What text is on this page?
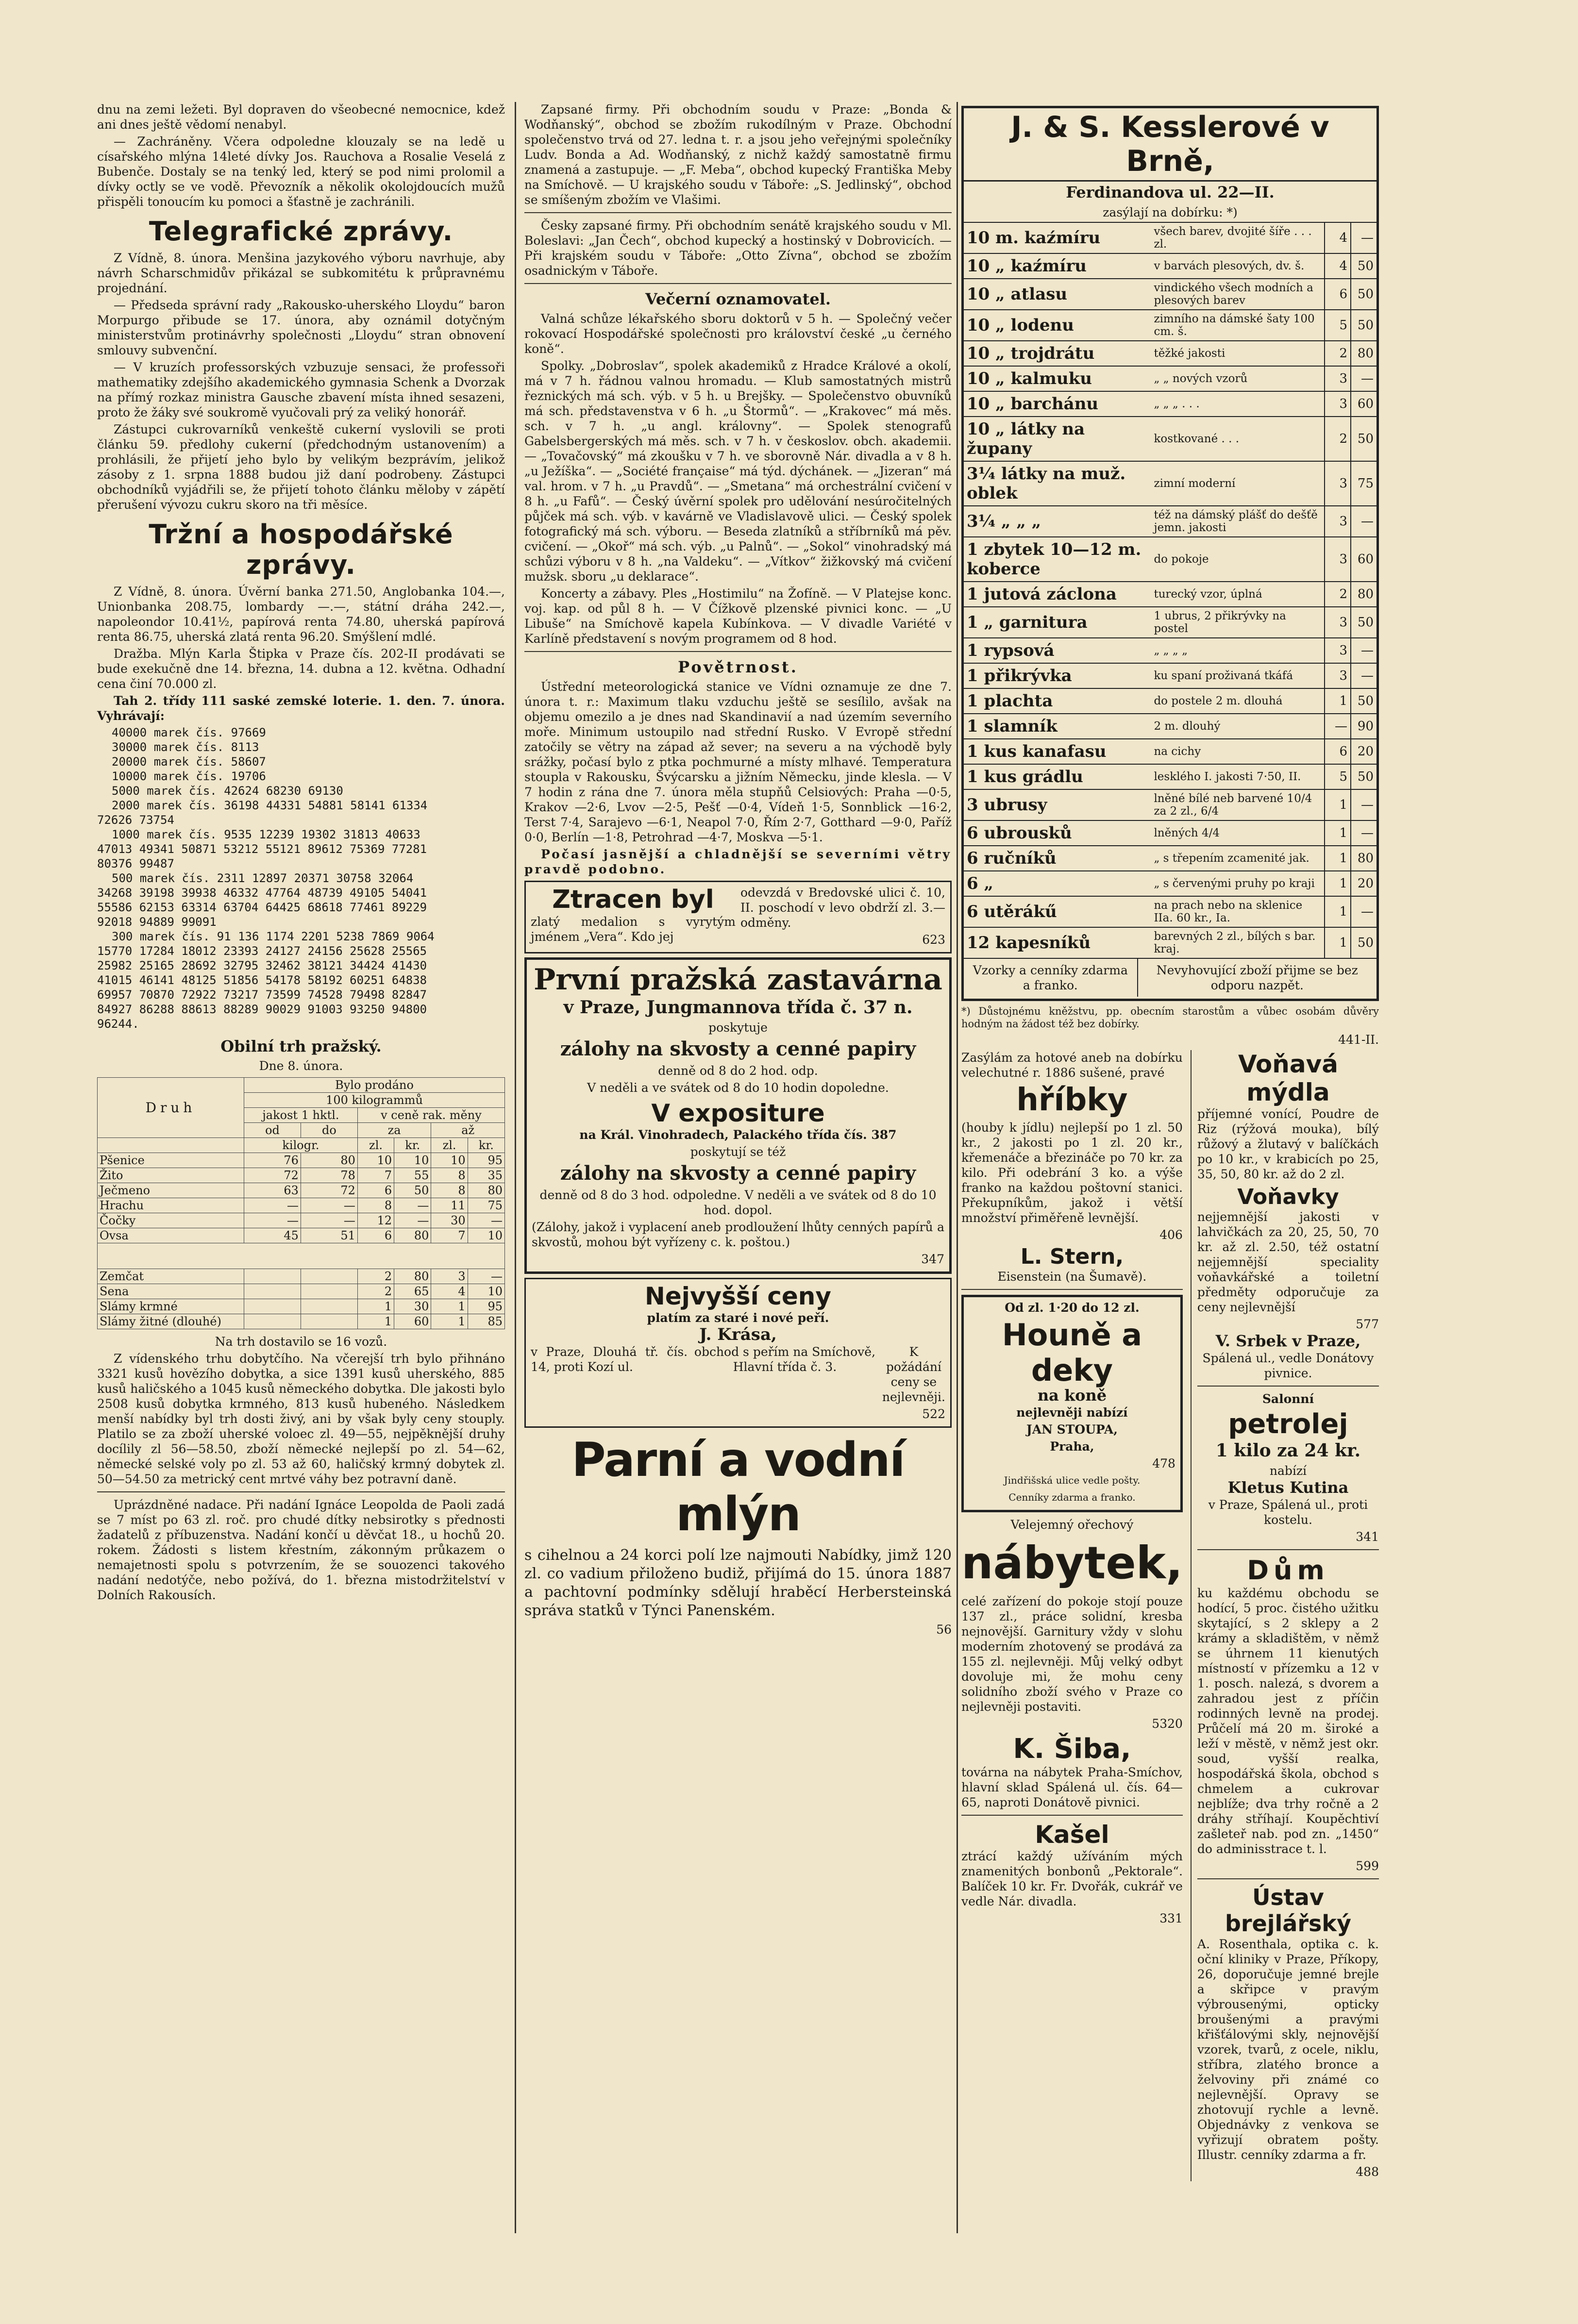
dnu na zemi ležeti. Byl dopraven do všeobecné nemocnice, kdež ani dnes ještě vědomí nenabyl.

— Zachráněny. Včera odpoledne klouzaly se na ledě u císařského mlýna 14leté dívky Jos. Rauchova a Rosalie Veselá z Bubenče. Dostaly se na tenký led, který se pod nimi prolomil a dívky octly se ve vodě. Převozník a několik okolojdoucích mužů přispěli tonoucím ku pomoci a šťastně je zachránili.

Telegrafické zprávy.

Z Vídně, 8. února. Menšina jazykového výboru navrhuje, aby návrh Scharschmidův přikázal se subkomitétu k průpravnému projednání.

— Předseda správní rady „Rakousko-uherského Lloydu“ baron Morpurgo přibude se 17. února, aby oznámil dotyčným ministerstvům protinávrhy společnosti „Lloydu“ stran obnovení smlouvy subvenční.

— V kruzích professorských vzbuzuje sensaci, že professoři mathematiky zdejšího akademického gymnasia Schenk a Dvorzak na přímý rozkaz ministra Gausche zbavení místa ihned sesazeni, proto že žáky své soukromě vyučovali prý za veliký honorář.

Zástupci cukrovarníků venkeště cukerní vyslovili se proti článku 59. předlohy cukerní (předchodným ustanovením) a prohlásili, že přijetí jeho bylo by velikým bezprávím, jelikož zásoby z 1. srpna 1888 budou již daní podrobeny. Zástupci obchodníků vyjádřili se, že přijetí tohoto článku měloby v zápětí přerušení vývozu cukru skoro na tři měsíce.

Tržní a hospodářské zprávy.

Z Vídně, 8. února. Úvěrní banka 271.50, Anglobanka 104.—, Unionbanka 208.75, lombardy —.—, státní dráha 242.—, napoleondor 10.41½, papírová renta 74.80, uherská papírová renta 86.75, uherská zlatá renta 96.20. Smýšlení mdlé.

Dražba. Mlýn Karla Štipka v Praze čís. 202-II prodávati se bude exekučně dne 14. března, 14. dubna a 12. května. Odhadní cena činí 70.000 zl.

Tah 2. třídy 111 saské zemské loterie. 1. den. 7. února. Vyhrávají:

40000 marek čís. 97669

30000 marek čís. 8113

20000 marek čís. 58607

10000 marek čís. 19706

5000 marek čís. 42624 68230 69130

2000 marek čís. 36198 44331 54881 58141 61334

72626 73754

1000 marek čís. 9535 12239 19302 31813 40633

47013 49341 50871 53212 55121 89612 75369 77281

80376 99487

500 marek čís. 2311 12897 20371 30758 32064

34268 39198 39938 46332 47764 48739 49105 54041

55586 62153 63314 63704 64425 68618 77461 89229

92018 94889 99091

300 marek čís. 91 136 1174 2201 5238 7869 9064

15770 17284 18012 23393 24127 24156 25628 25565

25982 25165 28692 32795 32462 38121 34424 41430

41015 46141 48125 51856 54178 58192 60251 64838

69957 70870 72922 73217 73599 74528 79498 82847

84927 86288 88613 88289 90029 91003 93250 94800

96244.

Obilní trh pražský.

Dne 8. února.

Druh	Bylo prodáno					
	100 kilogrammů					
	jakost 1 hktl.		v ceně rak. měny			
	od	do	za		až	
	kilogr.		zl.	kr.	zl.	kr.
Pšenice	76	80	10	10	10	95
Žito	72	78	7	55	8	35
Ječmeno	63	72	6	50	8	80
Hrachu	—	—	8	—	11	75
Čočky	—	—	12	—	30	—
Ovsa	45	51	6	80	7	10

Zemčat			2	80	3	—
Sena			2	65	4	10
Slámy krmné			1	30	1	95
Slámy žitné (dlouhé)			1	60	1	85

Na trh dostavilo se 16 vozů.

Z vídenského trhu dobytčího. Na včerejší trh bylo přihnáno 3321 kusů hovězího dobytka, a sice 1391 kusů uherského, 885 kusů haličského a 1045 kusů německého dobytka. Dle jakosti bylo 2508 kusů dobytka krmného, 813 kusů hubeného. Následkem menší nabídky byl trh dosti živý, ani by však byly ceny stouply. Platilo se za zboží uherské voloec zl. 49—55, nejpěknější druhy docílily zl 56—58.50, zboží německé nejlepší po zl. 54—62, německé selské voly po zl. 53 až 60, haličský krmný dobytek zl. 50—54.50 za metrický cent mrtvé váhy bez potravní daně.

Uprázdněné nadace. Při nadání Ignáce Leopolda de Paoli zadá se 7 míst po 63 zl. roč. pro chudé dítky nebsirotky s přednosti žadatelů z příbuzenstva. Nadání končí u děvčat 18., u hochů 20. rokem. Žádosti s listem křestním, zákonným průkazem o nemajetnosti spolu s potvrzením, že se souozenci takového nadání nedotýče, nebo požívá, do 1. března mistodržitelství v Dolních Rakousích.

Zapsané firmy. Při obchodním soudu v Praze: „Bonda & Wodňanský“, obchod se zbožím rukodílným v Praze. Obchodní společenstvo trvá od 27. ledna t. r. a jsou jeho veřejnými společníky Ludv. Bonda a Ad. Wodňanský, z nichž každý samostatně firmu znamená a zastupuje. — „F. Meba“, obchod kupecký Františka Meby na Smíchově. — U krajského soudu v Táboře: „S. Jedlinský“, obchod se smíšeným zbožím ve Vlašimi.

Česky zapsané firmy. Při obchodním senátě krajského soudu v Ml. Boleslavi: „Jan Čech“, obchod kupecký a hostinský v Dobrovicích. — Při krajském soudu v Táboře: „Otto Zívna“, obchod se zbožím osadnickým v Táboře.

Večerní oznamovatel.

Valná schůze lékařského sboru doktorů v 5 h. — Společný večer rokovací Hospodářské společnosti pro království české „u černého koně“.

Spolky. „Dobroslav“, spolek akademiků z Hradce Králové a okolí, má v 7 h. řádnou valnou hromadu. — Klub samostatných mistrů řeznických má sch. výb. v 5 h. u Brejšky. — Společenstvo obuvníků má sch. představenstva v 6 h. „u Štormů“. — „Krakovec“ má měs. sch. v 7 h. „u angl. královny“. — Spolek stenografů Gabelsbergerských má měs. sch. v 7 h. v českoslov. obch. akademii. — „Tovačovský“ má zkoušku v 7 h. ve sborovně Nár. divadla a v 8 h. „u Ježíška“. — „Société française“ má týd. dýchánek. — „Jizeran“ má val. hrom. v 7 h. „u Pravdů“. — „Smetana“ má orchestrální cvičení v 8 h. „u Fafů“. — Český úvěrní spolek pro udělování nesúročitelných půjček má sch. výb. v kavárně ve Vladislavově ulici. — Český spolek fotografický má sch. výboru. — Beseda zlatníků a stříbrníků má pěv. cvičení. — „Okoř“ má sch. výb. „u Palnů“. — „Sokol“ vinohradský má schůzi výboru v 8 h. „na Valdeku“. — „Vítkov“ žižkovský má cvičení mužsk. sboru „u deklarace“.

Koncerty a zábavy. Ples „Hostimilu“ na Žofíně. — V Platejse konc. voj. kap. od půl 8 h. — V Čížkově plzenské pivnici konc. — „U Libuše“ na Smíchově kapela Kubínkova. — V divadle Variété v Karlíně představení s novým programem od 8 hod.

Povětrnost.

Ústřední meteorologická stanice ve Vídni oznamuje ze dne 7. února t. r.: Maximum tlaku vzduchu ještě se sesílilo, avšak na objemu omezilo a je dnes nad Skandinavií a nad územím severního moře. Minimum ustoupilo nad střední Rusko. V Evropě střední zatočily se větry na západ až sever; na severu a na východě byly srážky, počasí bylo z ptka pochmurné a místy mlhavé. Temperatura stoupla v Rakousku, Švýcarsku a jižním Německu, jinde klesla. — V 7 hodin z rána dne 7. února měla stupňů Celsiových: Praha —0·5, Krakov —2·6, Lvov —2·5, Pešť —0·4, Vídeň 1·5, Sonnblick —16·2, Terst 7·4, Sarajevo —6·1, Neapol 7·0, Řím 2·7, Gotthard —9·0, Paříž 0·0, Berlín —1·8, Petrohrad —4·7, Moskva —5·1.

Počasí jasnější a chladnější se severními větry pravdě podobno.

Ztracen byl

zlatý medalion s vyrytým jménem „Vera“. Kdo jej

odevzdá v Bredovské ulici č. 10, II. poschodí v levo obdrží zl. 3.— odměny.

623

První pražská zastavárna

v Praze, Jungmannova třída č. 37 n.

poskytuje

zálohy na skvosty a cenné papiry

denně od 8 do 2 hod. odp.

V neděli a ve svátek od 8 do 10 hodin dopoledne.

V expositure

na Král. Vinohradech, Palackého třída čís. 387

poskytují se též

zálohy na skvosty a cenné papiry

denně od 8 do 3 hod. odpoledne. V neděli a ve svátek od 8 do 10 hod. dopol.

(Zálohy, jakož i vyplacení aneb prodloužení lhůty cenných papírů a skvostů, mohou být vyřízeny c. k. poštou.)

347

Nejvyšší ceny

platím za staré i nové peří.

J. Krása,

v Praze, Dlouhá tř. čís. 14, proti Kozí ul.

obchod s peřím na Smíchově, Hlavní třída č. 3.

K požádání ceny se nejlevněji.

522

Parní a vodní mlýn

s cihelnou a 24 korci polí lze najmouti Nabídky, jimž 120 zl. co vadium přiloženo budiž, přijímá do 15. února 1887 a pachtovní podmínky sdělují hraběcí Herbersteinská správa statků v Týnci Panenském.

56

J. & S. Kesslerové v Brně,

Ferdinandova ul. 22—II.

zasýlají na dobírku: *)

10 m. kaźmíru	všech barev, dvojité šíře . . . zl.	4	—
10 „ kaźmíru	v barvách plesových, dv. š.	4	50
10 „ atlasu	vindického všech modních a plesových barev	6	50
10 „ lodenu	zimního na dámské šaty 100 cm. š.	5	50
10 „ trojdrátu	těžké jakosti	2	80
10 „ kalmuku	„ „ nových vzorů	3	—
10 „ barchánu	„ „ „ . . .	3	60
10 „ látky na župany	kostkované . . .	2	50
3¼ látky na muž. oblek	zimní moderní	3	75
3¼ „ „ „	též na dámský plášť do dešťě jemn. jakosti	3	—
1 zbytek 10—12 m. koberce	do pokoje	3	60
1 jutová záclona	turecký vzor, úplná	2	80
1 „ garnitura	1 ubrus, 2 přikrývky na postel	3	50
1 rypsová	„ „ „ „	3	—
1 přikrývka	ku spaní proživaná tkáfá	3	—
1 plachta	do postele 2 m. dlouhá	1	50
1 slamník	2 m. dlouhý	—	90
1 kus kanafasu	na cichy	6	20
1 kus grádlu	lesklého I. jakosti 7·50, II.	5	50
3 ubrusy	lněné bílé neb barvené 10/4 za 2 zl., 6/4	1	—
6 ubrousků	lněných 4/4	1	—
6 ručníků	„ s třepením zcamenité jak.	1	80
6 „	„ s červenými pruhy po kraji	1	20
6 utěrákű	na prach nebo na sklenice IIa. 60 kr., Ia.	1	—
12 kapesníků	barevných 2 zl., bílých s bar. kraj.	1	50

Vzorky a cenníky zdarma a franko.

Nevyhovující zboží přijme se bez odporu nazpět.

*) Důstojnému kněžstvu, pp. obecním starostům a vůbec osobám důvěry hodným na žádost též bez dobírky.

441-II.

Zasýlám za hotové aneb na dobírku velechutné r. 1886 sušené, pravé

hříbky

(houby k jídlu) nejlepší po 1 zl. 50 kr., 2 jakosti po 1 zl. 20 kr., křemenáče a březináče po 70 kr. za kilo. Při odebrání 3 ko. a výše franko na každou poštovní stanici. Překupníkům, jakož i větší množství přiměřeně levnější.

406

L. Stern,

Eisenstein (na Šumavě).

Od zl. 1·20 do 12 zl.

Houně a deky

na koně

nejlevněji nabízí

JAN STOUPA,

Praha,

478

Jindřišská ulice vedle pošty.

Cenníky zdarma a franko.

Velejemný ořechový

nábytek,

celé zařízení do pokoje stojí pouze 137 zl., práce solidní, kresba nejnovější. Garnitury vždy v slohu moderním zhotovený se prodává za 155 zl. nejlevněji. Můj velký odbyt dovoluje mi, že mohu ceny solidního zboží svého v Praze co nejlevněji postaviti.

5320

K. Šiba,

továrna na nábytek Praha-Smíchov, hlavní sklad Spálená ul. čís. 64—65, naproti Donátově pivnici.

Kašel

ztrácí každý užíváním mých znamenitých bonbonů „Pektorale“. Balíček 10 kr. Fr. Dvořák, cukrář ve vedle Nár. divadla.

331

Voňavá mýdla

příjemné vonící, Poudre de Riz (rýžová mouka), bílý růžový a žlutavý v balíčkách po 10 kr., v krabicích po 25, 35, 50, 80 kr. až do 2 zl.

Voňavky

nejjemnější jakosti v lahvičkách za 20, 25, 50, 70 kr. až zl. 2.50, též ostatní nejjemnější speciality voňavkářské a toiletní předměty odporučuje za ceny nejlevnější

577

V. Srbek v Praze,

Spálená ul., vedle Donátovy pivnice.

Salonní

petrolej

1 kilo za 24 kr.

nabízí

Kletus Kutina

v Praze, Spálená ul., proti kostelu.

341

Dům

ku každému obchodu se hodící, 5 proc. čistého užitku skytající, s 2 sklepy a 2 krámy a skladištěm, v němž se úhrnem 11 kienutých místností v přízemku a 12 v 1. posch. nalezá, s dvorem a zahradou jest z příčin rodinných levně na prodej. Průčelí má 20 m. široké a leží v městě, v němž jest okr. soud, vyšší realka, hospodářská škola, obchod s chmelem a cukrovar nejblíže; dva trhy ročně a 2 dráhy stříhají. Koupěchtiví zašleteř nab. pod zn. „1450“ do adminisstrace t. l.

599

Ústav brejlářský

A. Rosenthala, optika c. k. oční kliniky v Praze, Příkopy, 26, doporučuje jemné brejle a skřipce v pravým výbrousenými, opticky broušenými a pravými křišťálovými skly, nejnovější vzorek, tvarů, z ocele, niklu, stříbra, zlatého bronce a želvoviny při známé co nejlevnější. Opravy se zhotovují rychle a levně. Objednávky z venkova se vyřizují obratem pošty. Illustr. cenníky zdarma a fr.

488
